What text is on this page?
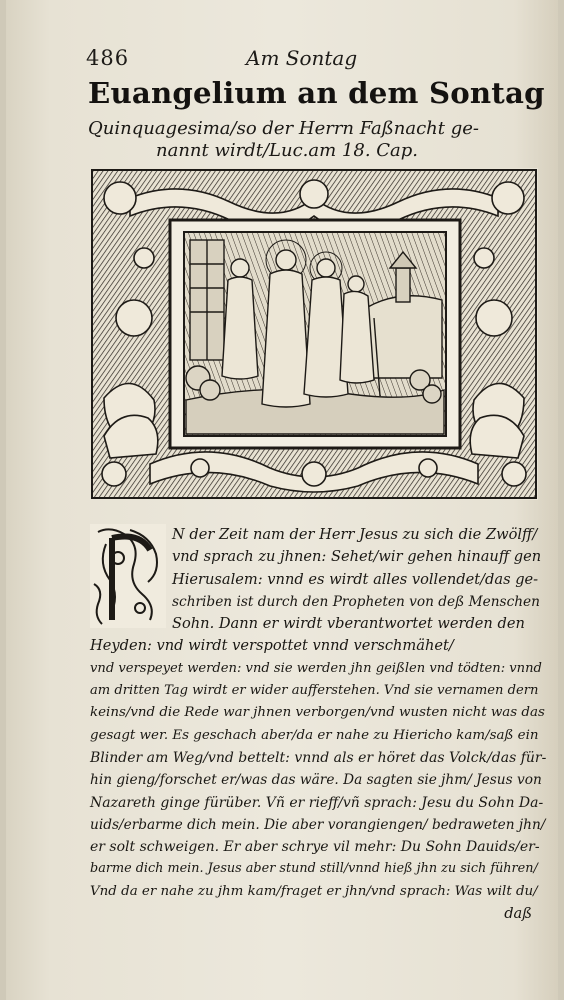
486	Am Sontag
Euangelium an dem Sontag
Quinquagesima/so der Herrn Faßnacht ge-
nannt wirdt/Luc.am 18. Cap.
N der Zeit nam der Herr Jesus zu sich die Zwölff/
vnd sprach zu jhnen: Sehet/wir gehen hinauff gen
Hierusalem: vnnd es wirdt alles vollendet/das ge-
schriben ist durch den Propheten von deß Menschen
Sohn. Dann er wirdt vberantwortet werden den
Heyden: vnd wirdt verspottet vnnd verschmähet/
vnd verspeyet werden: vnd sie werden jhn geißlen vnd tödten: vnnd
am dritten Tag wirdt er wider aufferstehen. Vnd sie vernamen dern
keins/vnd die Rede war jhnen verborgen/vnd wusten nicht was das
gesagt wer. Es geschach aber/da er nahe zu Hiericho kam/saß ein
Blinder am Weg/vnd bettelt: vnnd als er höret das Volck/das für-
hin gieng/forschet er/was das wäre. Da sagten sie jhm/ Jesus von
Nazareth ginge fürüber. Vñ er rieff/vñ sprach: Jesu du Sohn Da-
uids/erbarme dich mein. Die aber vorangiengen/ bedraweten jhn/
er solt schweigen. Er aber schrye vil mehr: Du Sohn Dauids/er-
barme dich mein. Jesus aber stund still/vnnd hieß jhn zu sich führen/
Vnd da er nahe zu jhm kam/fraget er jhn/vnd sprach: Was wilt du/
daß
